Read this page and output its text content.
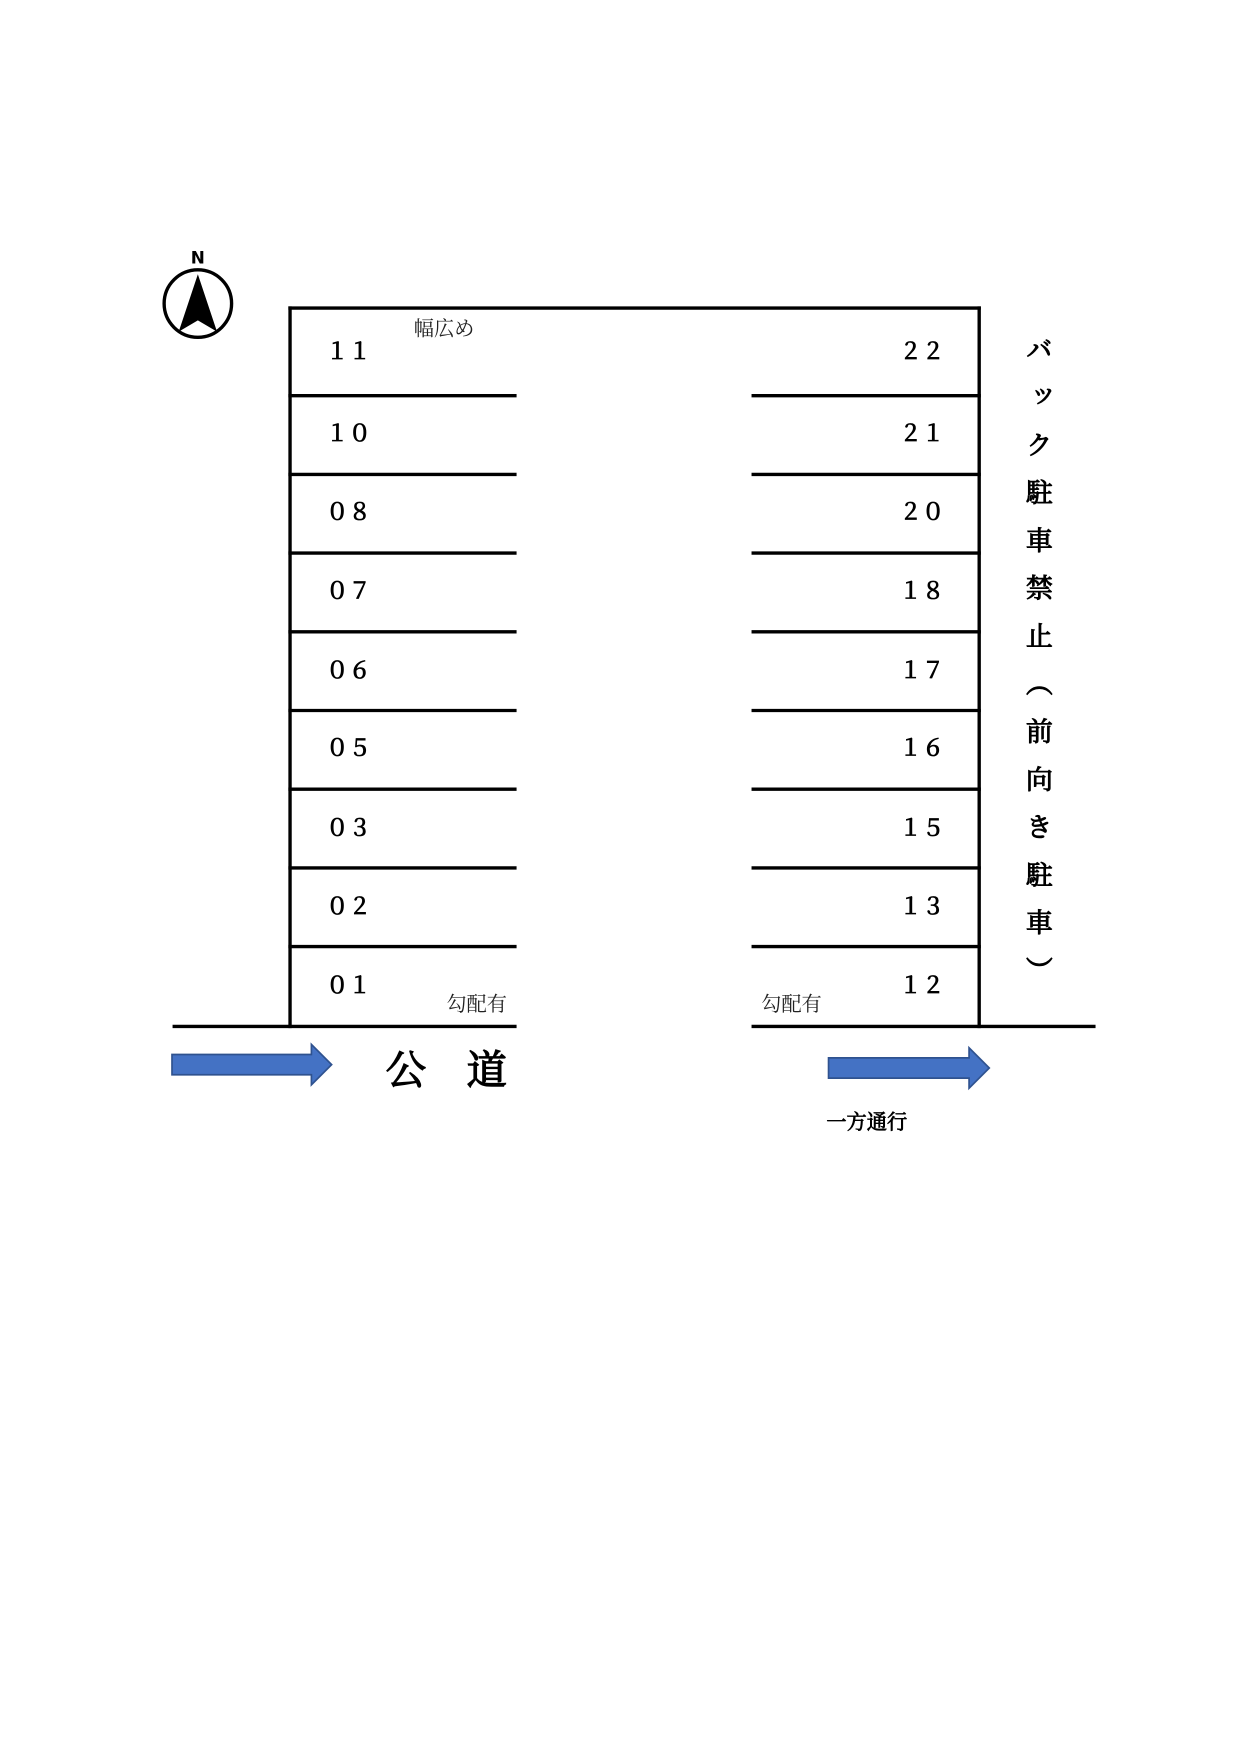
N
１１
１０
０８
０７
０６
０５
０３
０２
０１
２２
２１
２０
１８
１７
１６
１５
１３
１２
幅広め
勾配有	勾配有
公　道
一方通行
バック駐車禁止（前向き駐車）
